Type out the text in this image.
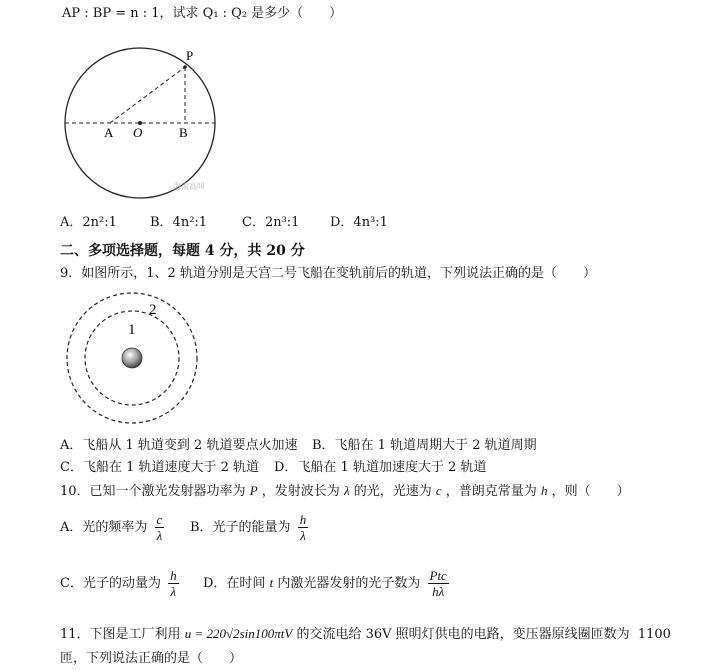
AP : BP = n : 1，试求 Q₁ : Q₂ 是多少（　　）
P
A O	B
海南高叫
A．2n²:1	B．4n²:1	C．2n³:1 D．4n³:1
二、多项选择题，每题 4 分，共 20 分
9．如图所示，1、2 轨道分别是天宫二号飞船在变轨前后的轨道，下列说法正确的是（　　）
1
2
A．飞船从 1 轨道变到 2 轨道要点火加速 B．飞船在 1 轨道周期大于 2 轨道周期
C．飞船在 1 轨道速度大于 2 轨道 D．飞船在 1 轨道加速度大于 2 轨道
10．已知一个激光发射器功率为 P ，发射波长为 λ 的光，光速为 c ，普朗克常量为 h ，则（　　）
A．光的频率为 $\frac{c}{\lambda}$ B．光子的能量为 $\frac{h}{\lambda}$
C．光子的动量为 $\frac{h}{\lambda}$ D．在时间 t 内激光器发射的光子数为 $\frac{\text{Ptc}}{h\lambda}$
11．下图是工厂利用 u = 220√2sin100πtV 的交流电给 36V 照明灯供电的电路，变压器原线圈匝数为 1100
匝，下列说法正确的是（　　）
